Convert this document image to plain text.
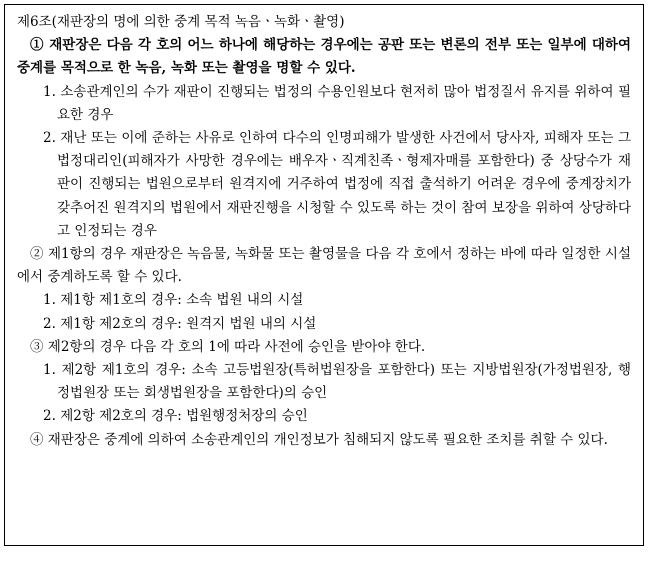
제6조(재판장의 명에 의한 중계 목적 녹음ㆍ녹화ㆍ촬영)

① 재판장은 다음 각 호의 어느 하나에 해당하는 경우에는 공판 또는 변론의 전부 또는 일부에 대하여 중계를 목적으로 한 녹음, 녹화 또는 촬영을 명할 수 있다.

1. 소송관계인의 수가 재판이 진행되는 법정의 수용인원보다 현저히 많아 법정질서 유지를 위하여 필요한 경우

2. 재난 또는 이에 준하는 사유로 인하여 다수의 인명피해가 발생한 사건에서 당사자, 피해자 또는 그 법정대리인(피해자가 사망한 경우에는 배우자ㆍ직계친족ㆍ형제자매를 포함한다) 중 상당수가 재판이 진행되는 법원으로부터 원격지에 거주하여 법정에 직접 출석하기 어려운 경우에 중계장치가 갖추어진 원격지의 법원에서 재판진행을 시청할 수 있도록 하는 것이 참여 보장을 위하여 상당하다고 인정되는 경우

② 제1항의 경우 재판장은 녹음물, 녹화물 또는 촬영물을 다음 각 호에서 정하는 바에 따라 일정한 시설에서 중계하도록 할 수 있다.

1. 제1항 제1호의 경우: 소속 법원 내의 시설

2. 제1항 제2호의 경우: 원격지 법원 내의 시설

③ 제2항의 경우 다음 각 호의 1에 따라 사전에 승인을 받아야 한다.

1. 제2항 제1호의 경우: 소속 고등법원장(특허법원장을 포함한다) 또는 지방법원장(가정법원장, 행정법원장 또는 회생법원장을 포함한다)의 승인

2. 제2항 제2호의 경우: 법원행정처장의 승인

④ 재판장은 중계에 의하여 소송관계인의 개인정보가 침해되지 않도록 필요한 조치를 취할 수 있다.
